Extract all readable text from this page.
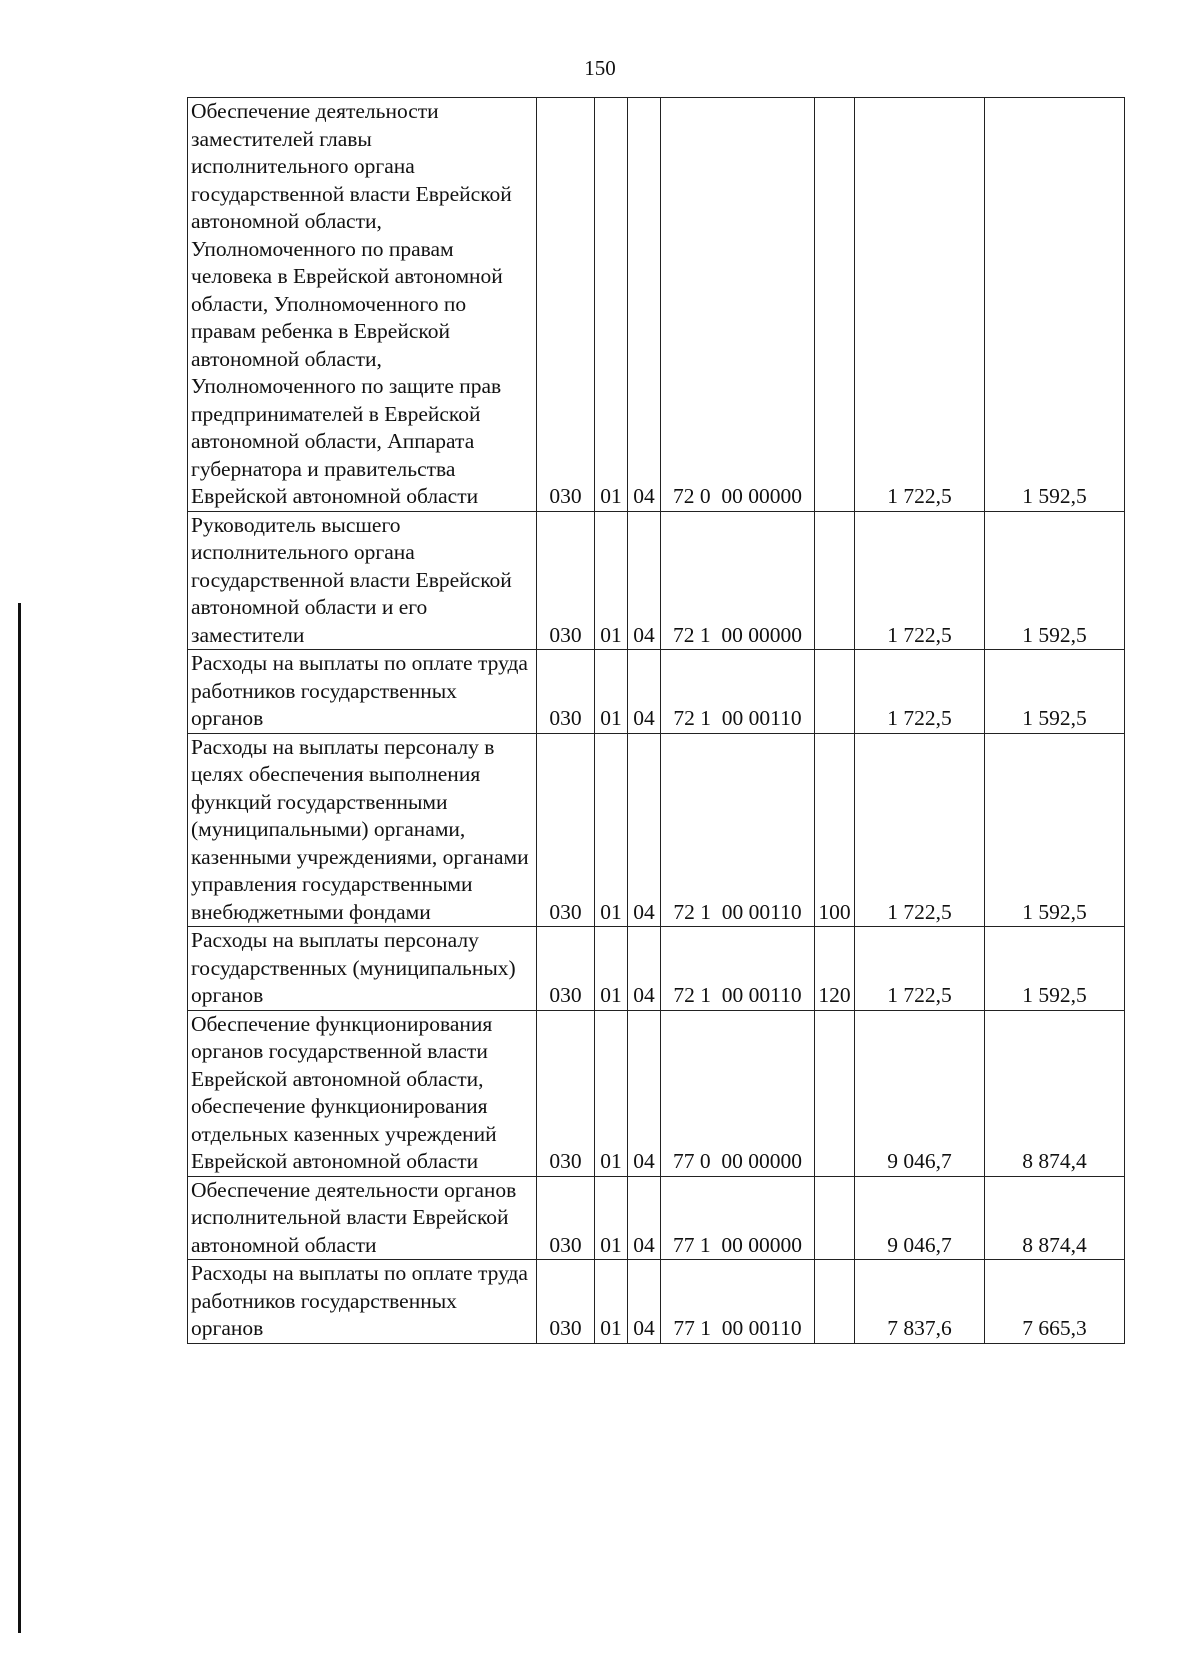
150
Обеспечение деятельности заместителей главы исполнительного органа государственной власти Еврейской автономной области, Уполномоченного по правам человека в Еврейской автономной области, Уполномоченного по правам ребенка в Еврейской автономной области, Уполномоченного по защите прав предпринимателей в Еврейской автономной области, Аппарата губернатора и правительства Еврейской автономной области	030	01	04	72 0  00 00000		1 722,5	1 592,5
Руководитель высшего исполнительного органа государственной власти Еврейской автономной области и его заместители	030	01	04	72 1  00 00000		1 722,5	1 592,5
Расходы на выплаты по оплате труда работников государственных органов	030	01	04	72 1  00 00110		1 722,5	1 592,5
Расходы на выплаты персоналу в целях обеспечения выполнения функций государственными (муниципальными) органами, казенными учреждениями, органами управления государственными внебюджетными фондами	030	01	04	72 1  00 00110	100	1 722,5	1 592,5
Расходы на выплаты персоналу государственных (муниципальных) органов	030	01	04	72 1  00 00110	120	1 722,5	1 592,5
Обеспечение функционирования органов государственной власти Еврейской автономной области, обеспечение функционирования отдельных казенных учреждений Еврейской автономной области	030	01	04	77 0  00 00000		9 046,7	8 874,4
Обеспечение деятельности органов исполнительной власти Еврейской автономной области	030	01	04	77 1  00 00000		9 046,7	8 874,4
Расходы на выплаты по оплате труда работников государственных органов	030	01	04	77 1  00 00110		7 837,6	7 665,3
